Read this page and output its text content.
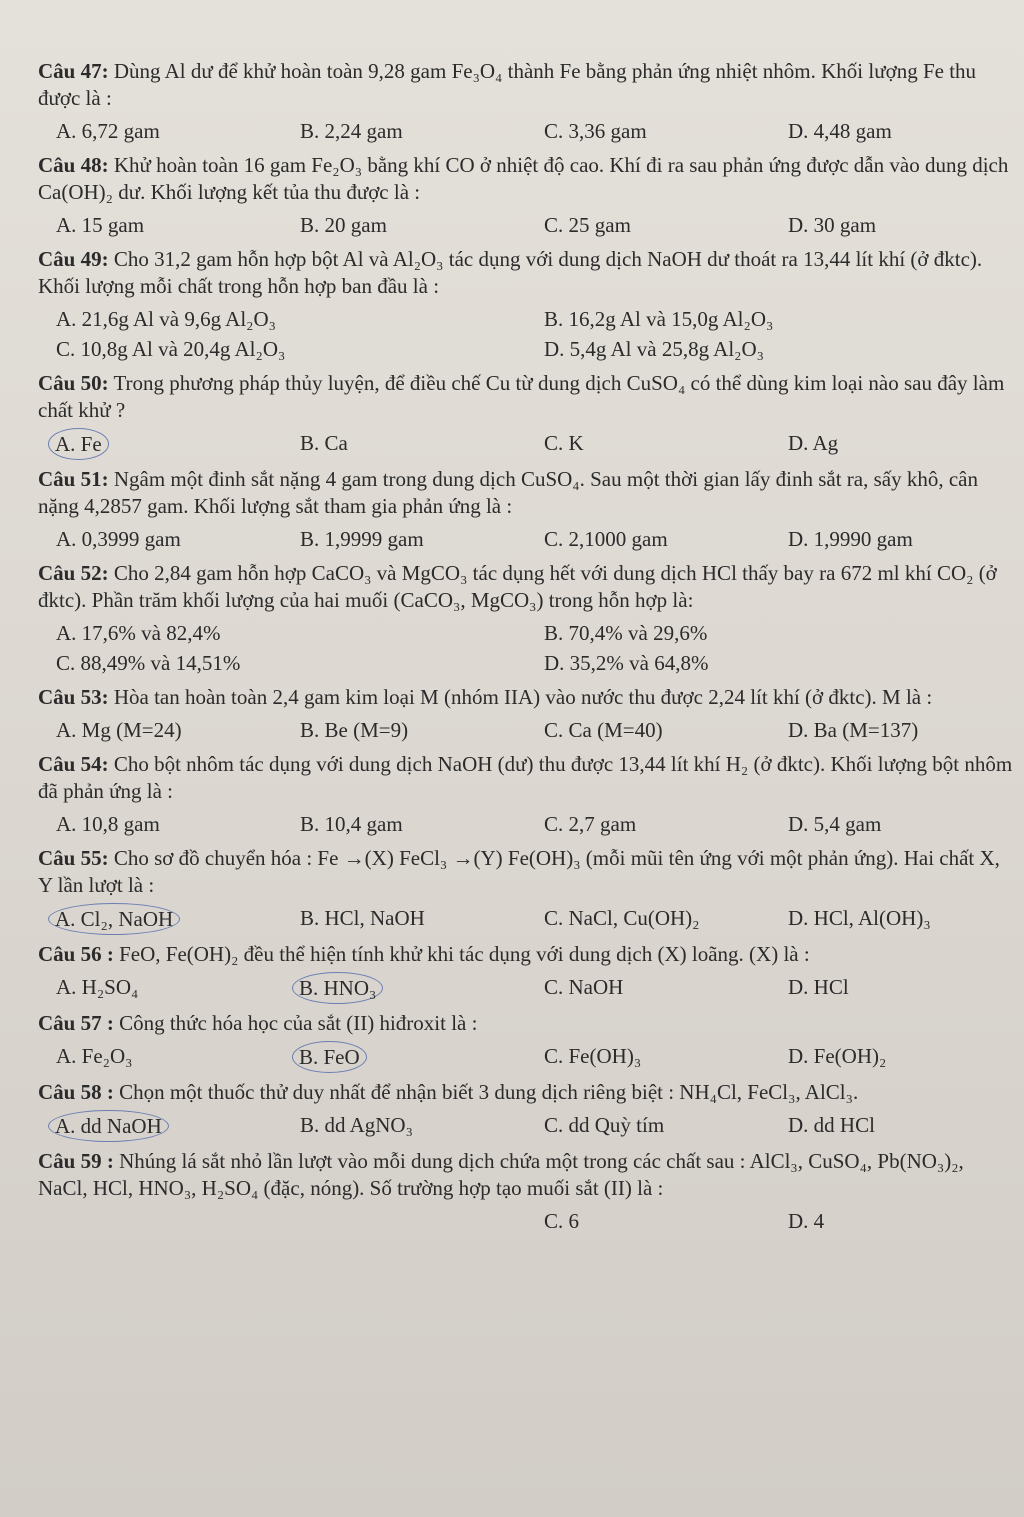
Câu 47: Dùng Al dư để khử hoàn toàn 9,28 gam Fe₃O₄ thành Fe bằng phản ứng nhiệt nhôm. Khối lượng Fe thu được là :
A. 6,72 gam	B. 2,24 gam	C. 3,36 gam	D. 4,48 gam
Câu 48: Khử hoàn toàn 16 gam Fe₂O₃ bằng khí CO ở nhiệt độ cao. Khí đi ra sau phản ứng được dẫn vào dung dịch Ca(OH)₂ dư. Khối lượng kết tủa thu được là :
A. 15 gam	B. 20 gam	C. 25 gam	D. 30 gam
Câu 49: Cho 31,2 gam hỗn hợp bột Al và Al₂O₃ tác dụng với dung dịch NaOH dư thoát ra 13,44 lít khí (ở đktc). Khối lượng mỗi chất trong hỗn hợp ban đầu là :
A. 21,6g Al và 9,6g Al₂O₃	B. 16,2g Al và 15,0g Al₂O₃
C. 10,8g Al và 20,4g Al₂O₃	D. 5,4g Al và 25,8g Al₂O₃
Câu 50: Trong phương pháp thủy luyện, để điều chế Cu từ dung dịch CuSO₄ có thể dùng kim loại nào sau đây làm chất khử ?
A. Fe	B. Ca	C. K	D. Ag
Câu 51: Ngâm một đinh sắt nặng 4 gam trong dung dịch CuSO₄. Sau một thời gian lấy đinh sắt ra, sấy khô, cân nặng 4,2857 gam. Khối lượng sắt tham gia phản ứng là :
A. 0,3999 gam	B. 1,9999 gam	C. 2,1000 gam	D. 1,9990 gam
Câu 52: Cho 2,84 gam hỗn hợp CaCO₃ và MgCO₃ tác dụng hết với dung dịch HCl thấy bay ra 672 ml khí CO₂ (ở đktc). Phần trăm khối lượng của hai muối (CaCO₃, MgCO₃) trong hỗn hợp là:
A. 17,6% và 82,4%	B. 70,4% và 29,6%
C. 88,49% và 14,51%	D. 35,2% và 64,8%
Câu 53: Hòa tan hoàn toàn 2,4 gam kim loại M (nhóm IIA) vào nước thu được 2,24 lít khí (ở đktc). M là :
A. Mg (M=24)	B. Be (M=9)	C. Ca (M=40)	D. Ba (M=137)
Câu 54: Cho bột nhôm tác dụng với dung dịch NaOH (dư) thu được 13,44 lít khí H₂ (ở đktc). Khối lượng bột nhôm đã phản ứng là :
A. 10,8 gam	B. 10,4 gam	C. 2,7 gam	D. 5,4 gam
Câu 55: Cho sơ đồ chuyển hóa : Fe →(X) FeCl₃ →(Y) Fe(OH)₃ (mỗi mũi tên ứng với một phản ứng). Hai chất X, Y lần lượt là :
A. Cl₂, NaOH	B. HCl, NaOH	C. NaCl, Cu(OH)₂	D. HCl, Al(OH)₃
Câu 56 : FeO, Fe(OH)₂ đều thể hiện tính khử khi tác dụng với dung dịch (X) loãng. (X) là :
A. H₂SO₄	B. HNO₃	C. NaOH	D. HCl
Câu 57 : Công thức hóa học của sắt (II) hiđroxit là :
A. Fe₂O₃	B. FeO	C. Fe(OH)₃	D. Fe(OH)₂
Câu 58 : Chọn một thuốc thử duy nhất để nhận biết 3 dung dịch riêng biệt : NH₄Cl, FeCl₃, AlCl₃.
A. dd NaOH	B. dd AgNO₃	C. dd Quỳ tím	D. dd HCl
Câu 59 : Nhúng lá sắt nhỏ lần lượt vào mỗi dung dịch chứa một trong các chất sau : AlCl₃, CuSO₄, Pb(NO₃)₂, NaCl, HCl, HNO₃, H₂SO₄ (đặc, nóng). Số trường hợp tạo muối sắt (II) là :
C. 6	D. 4
